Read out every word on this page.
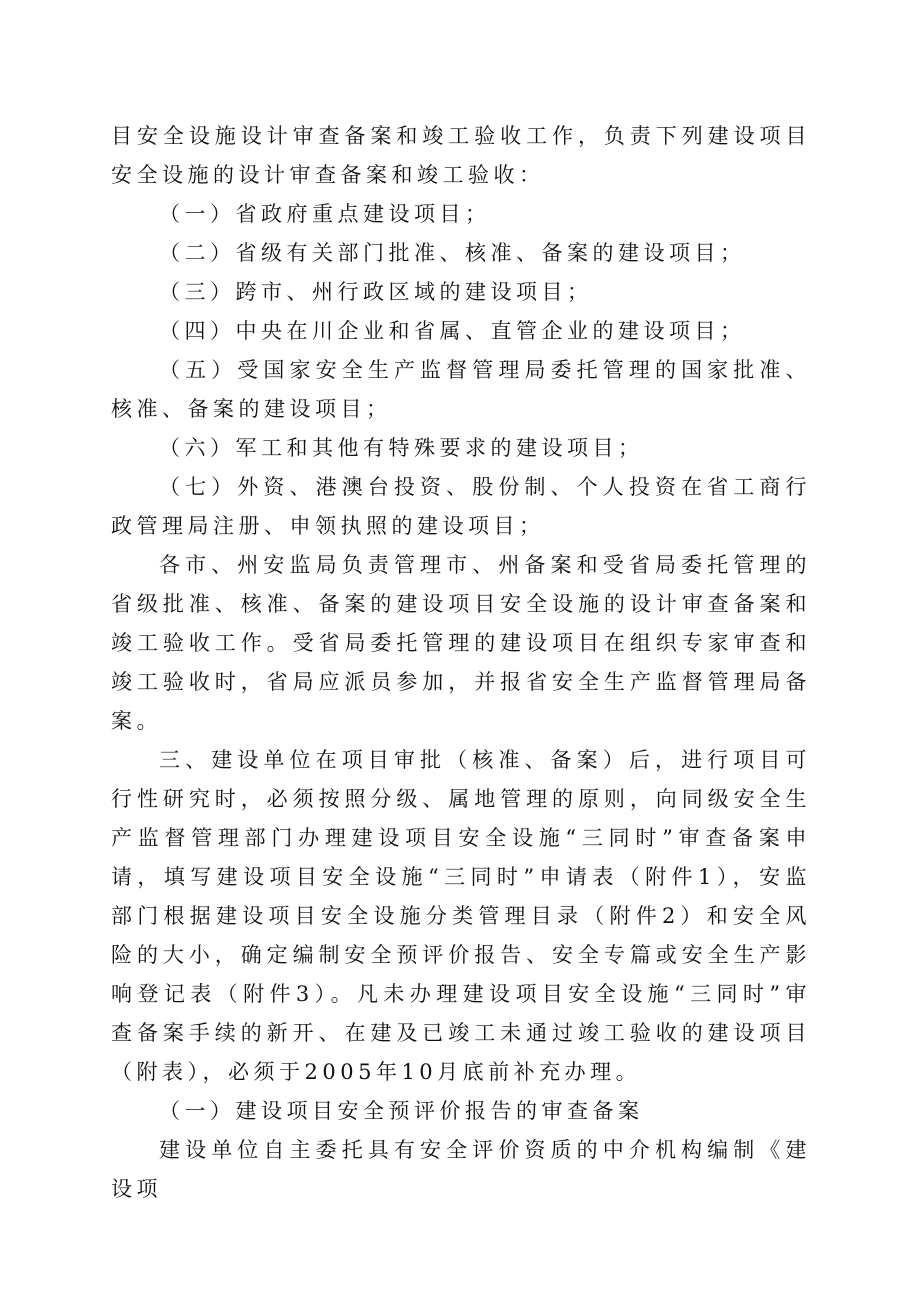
目安全设施设计审查备案和竣工验收工作，负责下列建设项目安全设施的设计审查备案和竣工验收：

（一）省政府重点建设项目；

（二）省级有关部门批准、核准、备案的建设项目；

（三）跨市、州行政区域的建设项目；

（四）中央在川企业和省属、直管企业的建设项目；

（五）受国家安全生产监督管理局委托管理的国家批准、核准、备案的建设项目；

（六）军工和其他有特殊要求的建设项目；

（七）外资、港澳台投资、股份制、个人投资在省工商行政管理局注册、申领执照的建设项目；

各市、州安监局负责管理市、州备案和受省局委托管理的省级批准、核准、备案的建设项目安全设施的设计审查备案和竣工验收工作。受省局委托管理的建设项目在组织专家审查和竣工验收时，省局应派员参加，并报省安全生产监督管理局备案。

三、建设单位在项目审批（核准、备案）后，进行项目可行性研究时，必须按照分级、属地管理的原则，向同级安全生产监督管理部门办理建设项目安全设施“三同时”审查备案申请，填写建设项目安全设施“三同时”申请表（附件1），安监部门根据建设项目安全设施分类管理目录（附件2）和安全风险的大小，确定编制安全预评价报告、安全专篇或安全生产影响登记表（附件3）。凡未办理建设项目安全设施“三同时”审查备案手续的新开、在建及已竣工未通过竣工验收的建设项目（附表），必须于2005年10月底前补充办理。

（一）建设项目安全预评价报告的审查备案

建设单位自主委托具有安全评价资质的中介机构编制《建设项
